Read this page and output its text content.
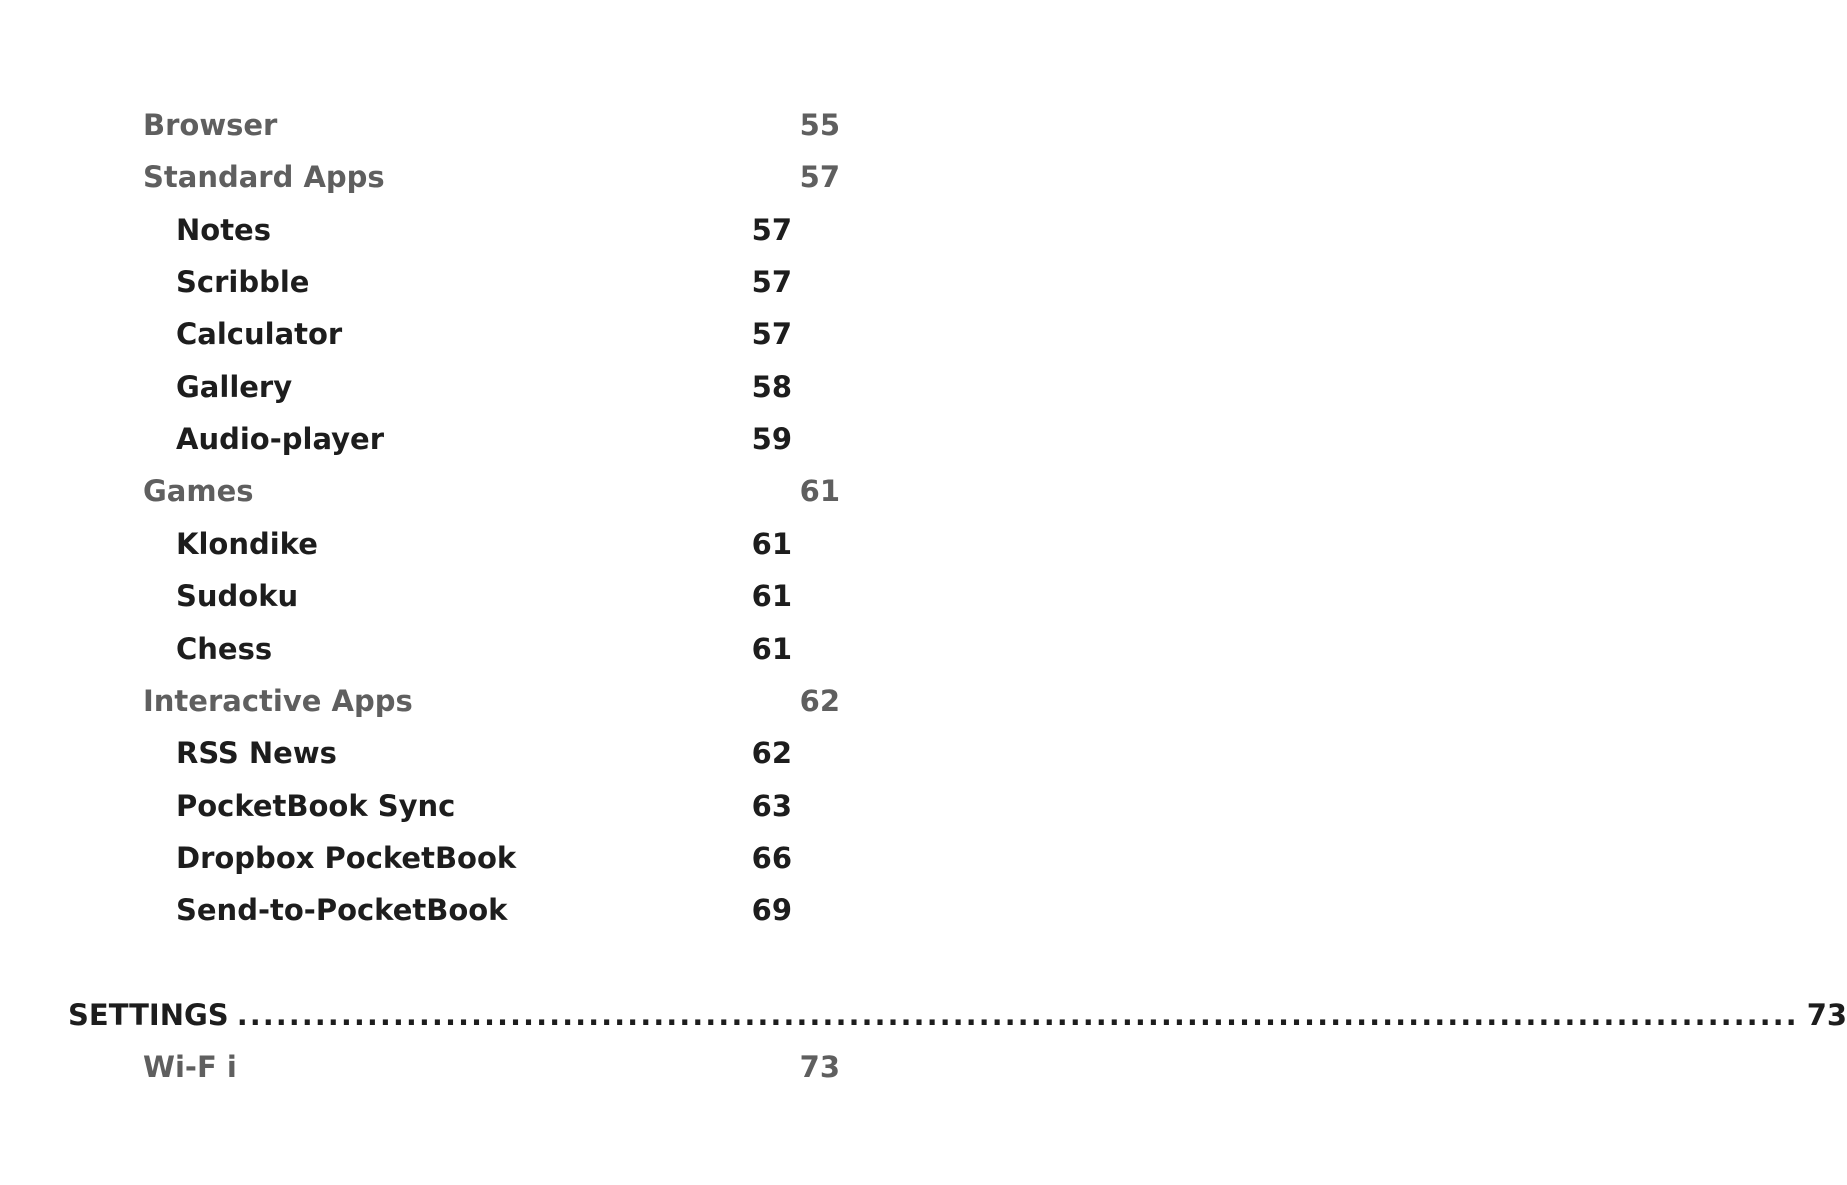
Browser	55
Standard Apps	57
Notes	57
Scribble	57
Calculator	57
Gallery	58
Audio-player	59
Games	61
Klondike	61
Sudoku	61
Chess	61
Interactive Apps	62
RSS News	62
PocketBook Sync	63
Dropbox PocketBook	66
Send-to-PocketBook	69
SETTINGS ........................................................................................................................ 73
Wi-F i	73
